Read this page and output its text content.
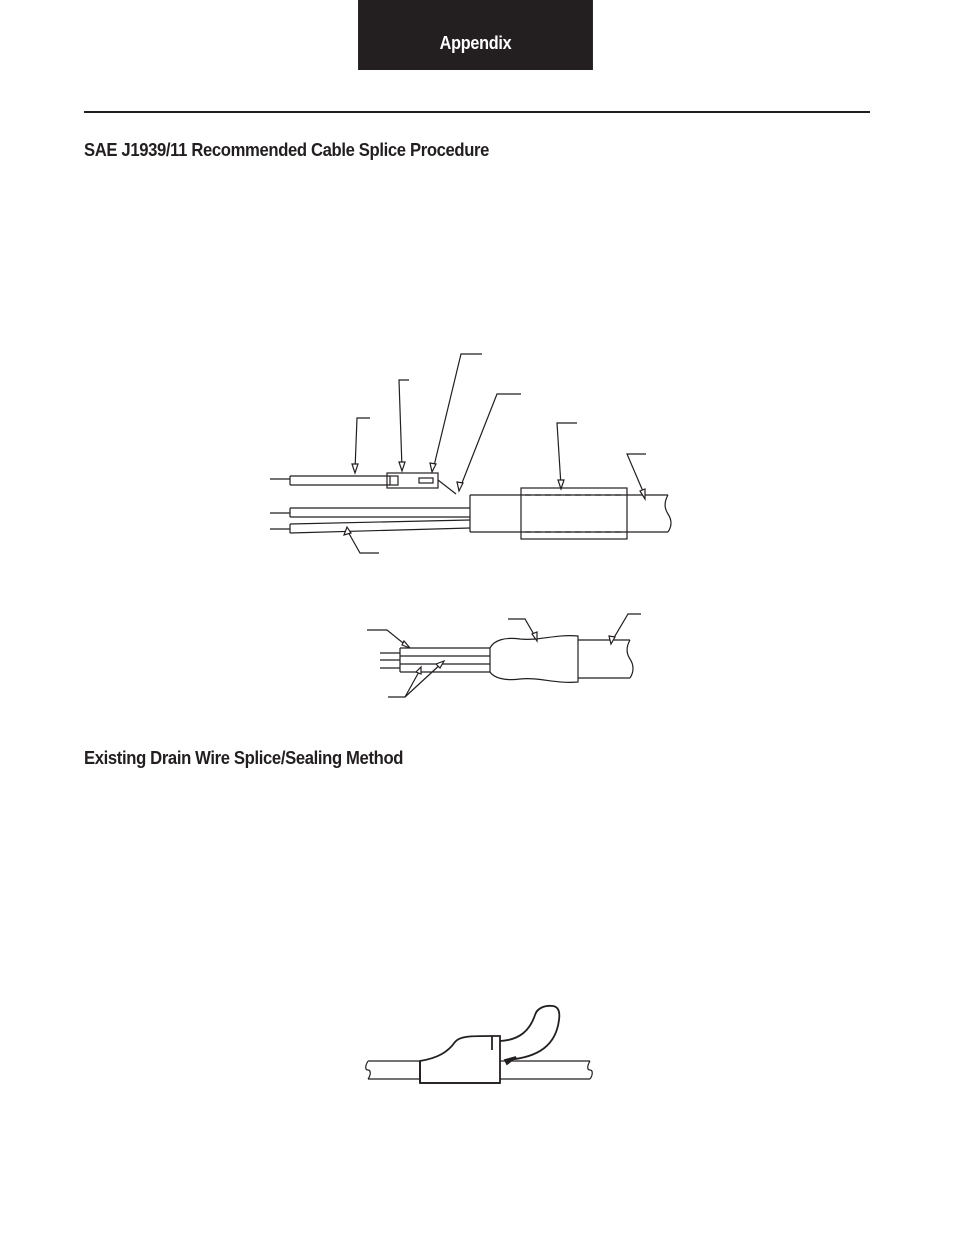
Appendix
SAE J1939/11 Recommended Cable Splice Procedure
Existing Drain Wire Splice/Sealing Method
